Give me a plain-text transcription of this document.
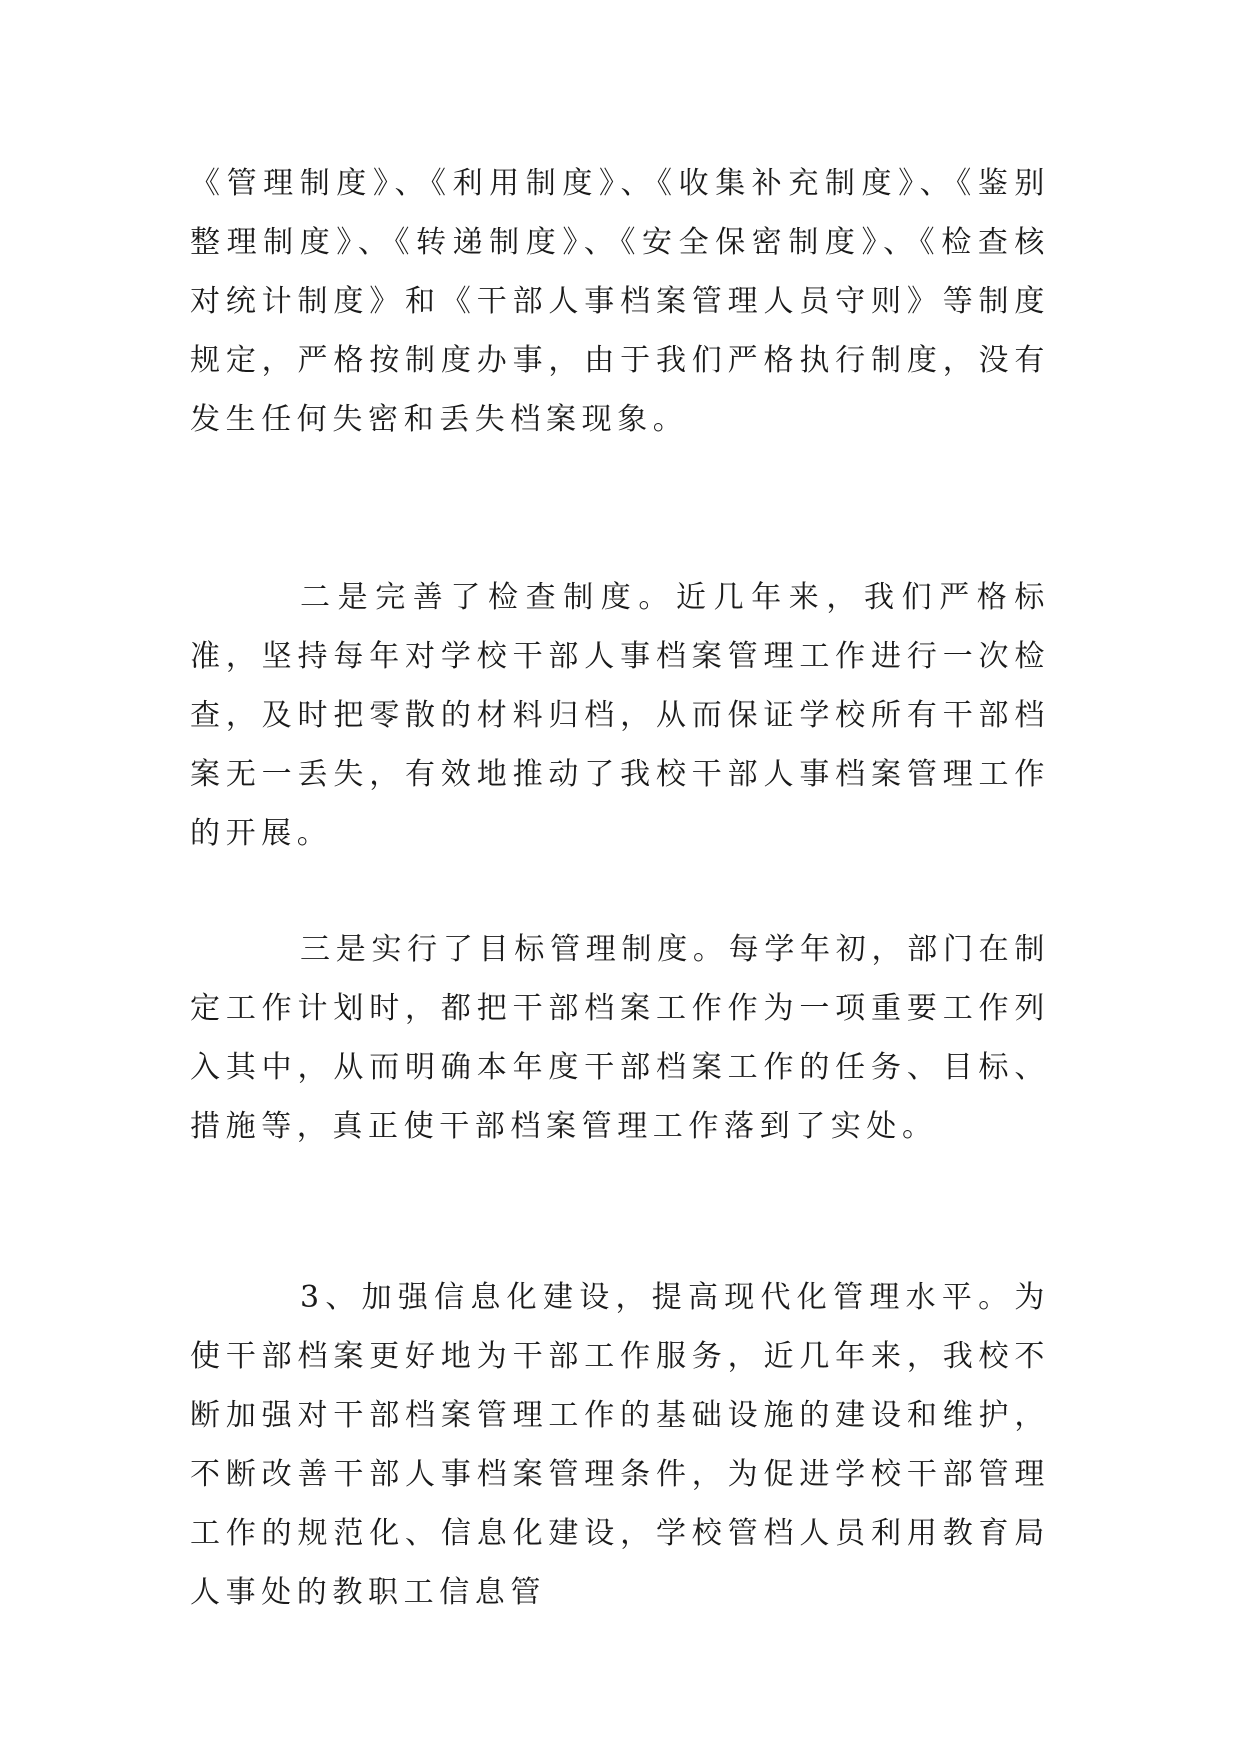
《管理制度》、《利用制度》、《收集补充制度》、《鉴别整理制度》、《转递制度》、《安全保密制度》、《检查核对统计制度》和《干部人事档案管理人员守则》等制度规定，严格按制度办事，由于我们严格执行制度，没有发生任何失密和丢失档案现象。

二是完善了检查制度。近几年来，我们严格标准，坚持每年对学校干部人事档案管理工作进行一次检查，及时把零散的材料归档，从而保证学校所有干部档案无一丢失，有效地推动了我校干部人事档案管理工作的开展。

三是实行了目标管理制度。每学年初，部门在制定工作计划时，都把干部档案工作作为一项重要工作列入其中，从而明确本年度干部档案工作的任务、目标、措施等，真正使干部档案管理工作落到了实处。

3、加强信息化建设，提高现代化管理水平。为使干部档案更好地为干部工作服务，近几年来，我校不断加强对干部档案管理工作的基础设施的建设和维护，不断改善干部人事档案管理条件，为促进学校干部管理工作的规范化、信息化建设，学校管档人员利用教育局人事处的教职工信息管
